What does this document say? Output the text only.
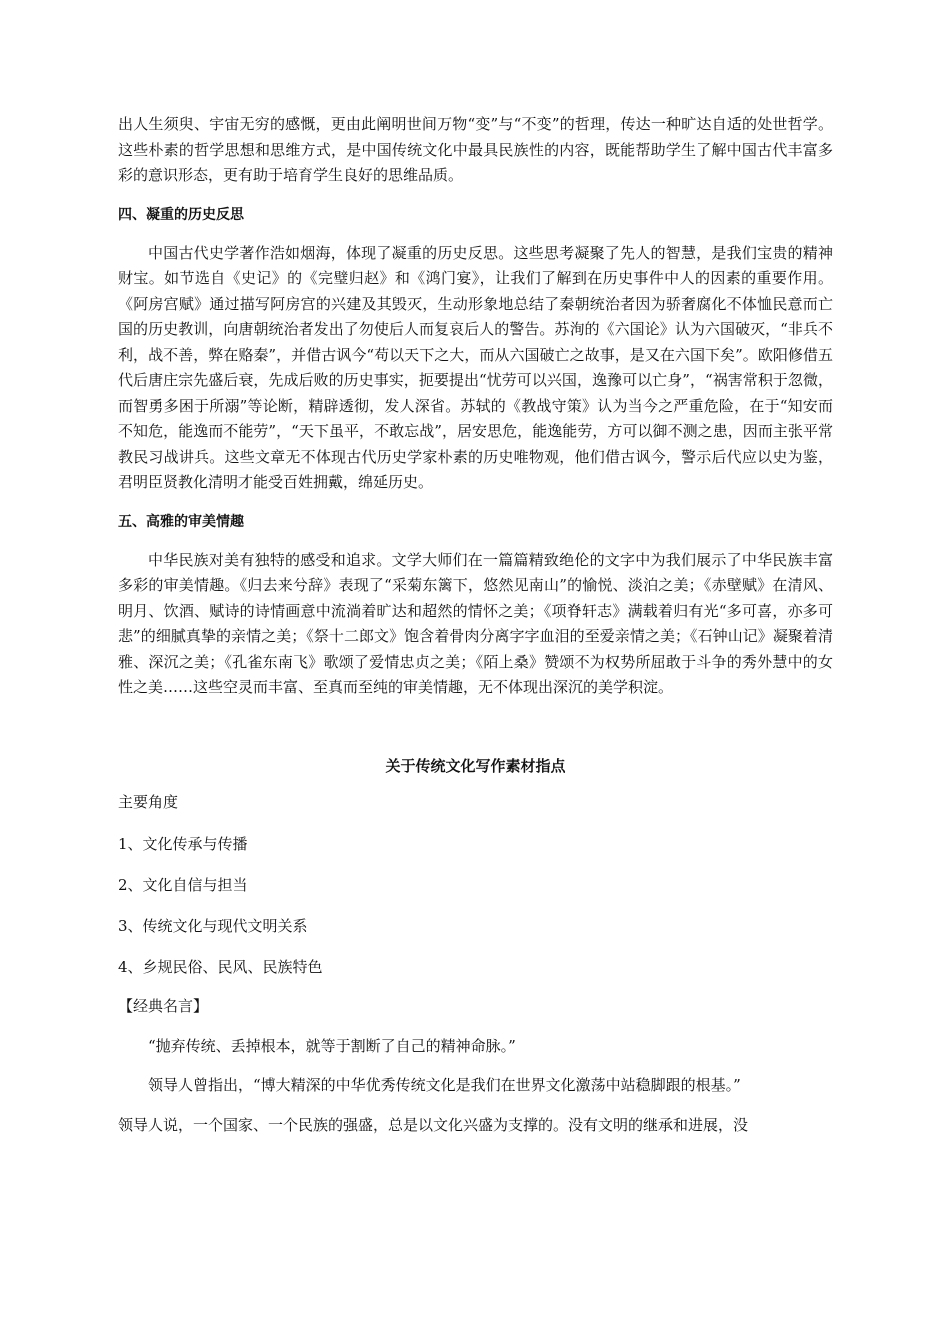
出人生须臾、宇宙无穷的感慨，更由此阐明世间万物“变”与“不变”的哲理，传达一种旷达自适的处世哲学。这些朴素的哲学思想和思维方式，是中国传统文化中最具民族性的内容，既能帮助学生了解中国古代丰富多彩的意识形态，更有助于培育学生良好的思维品质。

四、凝重的历史反思

中国古代史学著作浩如烟海，体现了凝重的历史反思。这些思考凝聚了先人的智慧，是我们宝贵的精神财宝。如节选自《史记》的《完璧归赵》和《鸿门宴》，让我们了解到在历史事件中人的因素的重要作用。《阿房宫赋》通过描写阿房宫的兴建及其毁灭，生动形象地总结了秦朝统治者因为骄奢腐化不体恤民意而亡国的历史教训，向唐朝统治者发出了勿使后人而复哀后人的警告。苏洵的《六国论》认为六国破灭，“非兵不利，战不善，弊在赂秦”，并借古讽今“苟以天下之大，而从六国破亡之故事，是又在六国下矣”。欧阳修借五代后唐庄宗先盛后衰，先成后败的历史事实，扼要提出“忧劳可以兴国，逸豫可以亡身”，“祸害常积于忽微，而智勇多困于所溺”等论断，精辟透彻，发人深省。苏轼的《教战守策》认为当今之严重危险，在于“知安而不知危，能逸而不能劳”，“天下虽平，不敢忘战”，居安思危，能逸能劳，方可以御不测之患，因而主张平常教民习战讲兵。这些文章无不体现古代历史学家朴素的历史唯物观，他们借古讽今，警示后代应以史为鉴，君明臣贤教化清明才能受百姓拥戴，绵延历史。

五、高雅的审美情趣

中华民族对美有独特的感受和追求。文学大师们在一篇篇精致绝伦的文字中为我们展示了中华民族丰富多彩的审美情趣。《归去来兮辞》表现了“采菊东篱下，悠然见南山”的愉悦、淡泊之美；《赤壁赋》在清风、明月、饮酒、赋诗的诗情画意中流淌着旷达和超然的情怀之美；《项脊轩志》满载着归有光“多可喜，亦多可悲”的细腻真挚的亲情之美；《祭十二郎文》饱含着骨肉分离字字血泪的至爱亲情之美；《石钟山记》凝聚着清雅、深沉之美；《孔雀东南飞》歌颂了爱情忠贞之美；《陌上桑》赞颂不为权势所屈敢于斗争的秀外慧中的女性之美……这些空灵而丰富、至真而至纯的审美情趣，无不体现出深沉的美学积淀。

关于传统文化写作素材指点

主要角度

1、文化传承与传播

2、文化自信与担当

3、传统文化与现代文明关系

4、乡规民俗、民风、民族特色

【经典名言】

“抛弃传统、丢掉根本，就等于割断了自己的精神命脉。”

领导人曾指出，“博大精深的中华优秀传统文化是我们在世界文化激荡中站稳脚跟的根基。”

领导人说，一个国家、一个民族的强盛，总是以文化兴盛为支撑的。没有文明的继承和进展，没
